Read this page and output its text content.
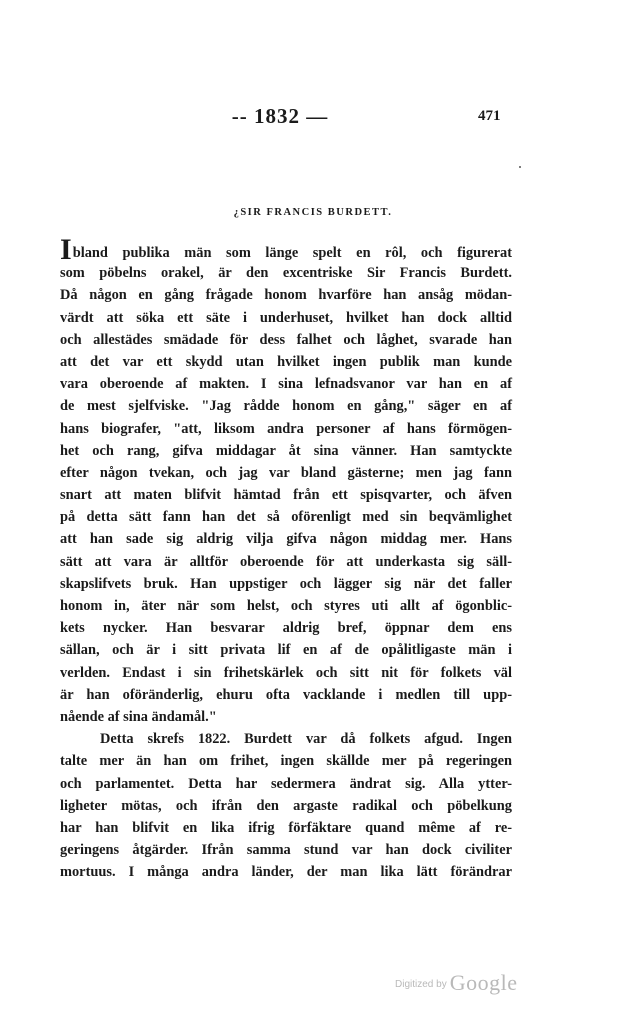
-- 1832 —	471
¿SIR FRANCIS BURDETT.
Ibland publika män som länge spelt en rôl, och figurerat
som pöbelns orakel, är den excentriske Sir Francis Burdett.
Då någon en gång frågade honom hvarföre han ansåg mödan-
värdt att söka ett säte i underhuset, hvilket han dock alltid
och allestädes smädade för dess falhet och låghet, svarade han
att det var ett skydd utan hvilket ingen publik man kunde
vara oberoende af makten. I sina lefnadsvanor var han en af
de mest sjelfviske. "Jag rådde honom en gång," säger en af
hans biografer, "att, liksom andra personer af hans förmögen-
het och rang, gifva middagar åt sina vänner. Han samtyckte
efter någon tvekan, och jag var bland gästerne; men jag fann
snart att maten blifvit hämtad från ett spisqvarter, och äfven
på detta sätt fann han det så oförenligt med sin beqvämlighet
att han sade sig aldrig vilja gifva någon middag mer. Hans
sätt att vara är alltför oberoende för att underkasta sig säll-
skapslifvets bruk. Han uppstiger och lägger sig när det faller
honom in, äter när som helst, och styres uti allt af ögonblic-
kets nycker. Han besvarar aldrig bref, öppnar dem ens
sällan, och är i sitt privata lif en af de opålitligaste män i
verlden. Endast i sin frihetskärlek och sitt nit för folkets väl
är han oföränderlig, ehuru ofta vacklande i medlen till upp-
nående af sina ändamål."
Detta skrefs 1822. Burdett var då folkets afgud. Ingen
talte mer än han om frihet, ingen skällde mer på regeringen
och parlamentet. Detta har sedermera ändrat sig. Alla ytter-
ligheter mötas, och ifrån den argaste radikal och pöbelkung
har han blifvit en lika ifrig förfäktare quand même af re-
geringens åtgärder. Ifrån samma stund var han dock civiliter
mortuus. I många andra länder, der man lika lätt förändrar
Digitized by Google
